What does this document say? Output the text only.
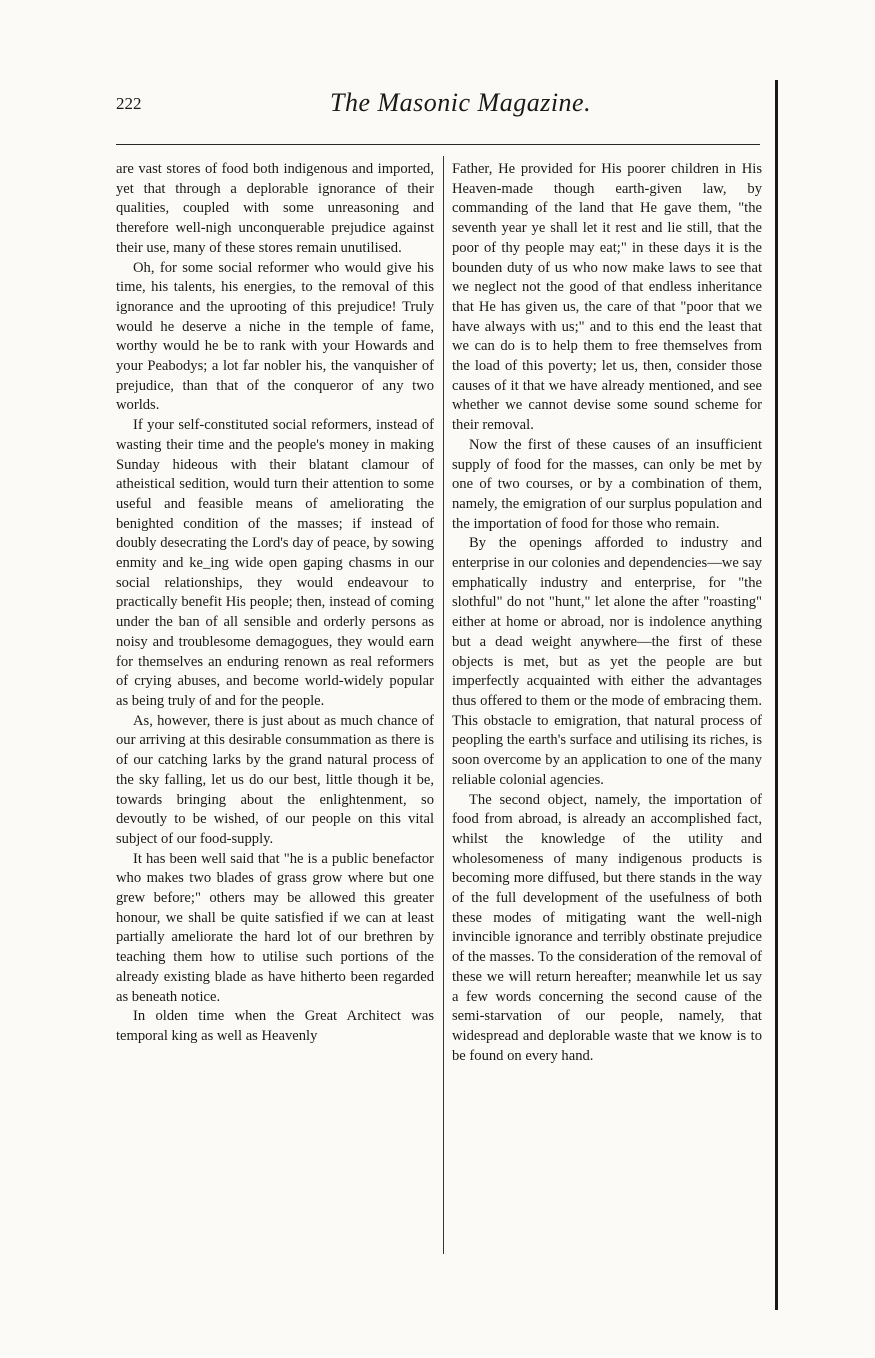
222	The Masonic Magazine.

are vast stores of food both indigenous and imported, yet that through a deplorable ignorance of their qualities, coupled with some unreasoning and therefore well-nigh unconquerable prejudice against their use, many of these stores remain unutilised.

Oh, for some social reformer who would give his time, his talents, his energies, to the removal of this ignorance and the uprooting of this prejudice! Truly would he deserve a niche in the temple of fame, worthy would he be to rank with your Howards and your Peabodys; a lot far nobler his, the vanquisher of prejudice, than that of the conqueror of any two worlds.

If your self-constituted social reformers, instead of wasting their time and the people's money in making Sunday hideous with their blatant clamour of atheistical sedition, would turn their attention to some useful and feasible means of ameliorating the benighted condition of the masses; if instead of doubly desecrating the Lord's day of peace, by sowing enmity and ke_ing wide open gaping chasms in our social relationships, they would endeavour to practically benefit His people; then, instead of coming under the ban of all sensible and orderly persons as noisy and troublesome demagogues, they would earn for themselves an enduring renown as real reformers of crying abuses, and become world-widely popular as being truly of and for the people.

As, however, there is just about as much chance of our arriving at this desirable consummation as there is of our catching larks by the grand natural process of the sky falling, let us do our best, little though it be, towards bringing about the enlightenment, so devoutly to be wished, of our people on this vital subject of our food-supply.

It has been well said that "he is a public benefactor who makes two blades of grass grow where but one grew before;" others may be allowed this greater honour, we shall be quite satisfied if we can at least partially ameliorate the hard lot of our brethren by teaching them how to utilise such portions of the already existing blade as have hitherto been regarded as beneath notice.

In olden time when the Great Architect was temporal king as well as Heavenly

Father, He provided for His poorer children in His Heaven-made though earth-given law, by commanding of the land that He gave them, "the seventh year ye shall let it rest and lie still, that the poor of thy people may eat;" in these days it is the bounden duty of us who now make laws to see that we neglect not the good of that endless inheritance that He has given us, the care of that "poor that we have always with us;" and to this end the least that we can do is to help them to free themselves from the load of this poverty; let us, then, consider those causes of it that we have already mentioned, and see whether we cannot devise some sound scheme for their removal.

Now the first of these causes of an insufficient supply of food for the masses, can only be met by one of two courses, or by a combination of them, namely, the emigration of our surplus population and the importation of food for those who remain.

By the openings afforded to industry and enterprise in our colonies and dependencies—we say emphatically industry and enterprise, for "the slothful" do not "hunt," let alone the after "roasting" either at home or abroad, nor is indolence anything but a dead weight anywhere—the first of these objects is met, but as yet the people are but imperfectly acquainted with either the advantages thus offered to them or the mode of embracing them. This obstacle to emigration, that natural process of peopling the earth's surface and utilising its riches, is soon overcome by an application to one of the many reliable colonial agencies.

The second object, namely, the importation of food from abroad, is already an accomplished fact, whilst the knowledge of the utility and wholesomeness of many indigenous products is becoming more diffused, but there stands in the way of the full development of the usefulness of both these modes of mitigating want the well-nigh invincible ignorance and terribly obstinate prejudice of the masses. To the consideration of the removal of these we will return hereafter; meanwhile let us say a few words concerning the second cause of the semi-starvation of our people, namely, that widespread and deplorable waste that we know is to be found on every hand.
